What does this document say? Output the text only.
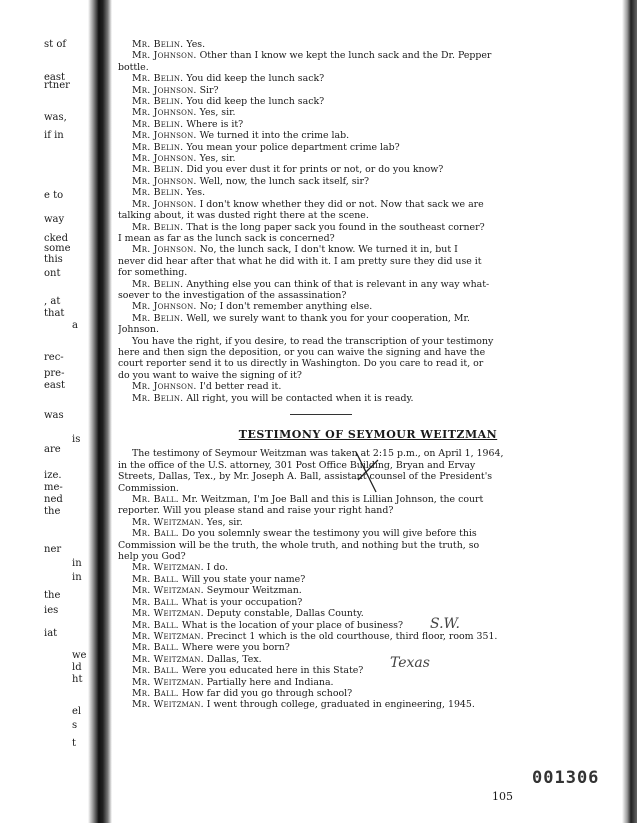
st of
east
rtner
was,
if in
e to
way
cked
some
this
ont
, at
that
a
rec-
pre-
east
was
is
are
ize.
me-
ned
the
ner
in
in
the
ies
iat
we
ld
ht
el
s
t
Mr. Belin. Yes.
Mr. Johnson. Other than I know we kept the lunch sack and the Dr. Pepper
bottle.
Mr. Belin. You did keep the lunch sack?
Mr. Johnson. Sir?
Mr. Belin. You did keep the lunch sack?
Mr. Johnson. Yes, sir.
Mr. Belin. Where is it?
Mr. Johnson. We turned it into the crime lab.
Mr. Belin. You mean your police department crime lab?
Mr. Johnson. Yes, sir.
Mr. Belin. Did you ever dust it for prints or not, or do you know?
Mr. Johnson. Well, now, the lunch sack itself, sir?
Mr. Belin. Yes.
Mr. Johnson. I don't know whether they did or not. Now that sack we are
talking about, it was dusted right there at the scene.
Mr. Belin. That is the long paper sack you found in the southeast corner?
I mean as far as the lunch sack is concerned?
Mr. Johnson. No, the lunch sack, I don't know. We turned it in, but I
never did hear after that what he did with it. I am pretty sure they did use it
for something.
Mr. Belin. Anything else you can think of that is relevant in any way what-
soever to the investigation of the assassination?
Mr. Johnson. No; I don't remember anything else.
Mr. Belin. Well, we surely want to thank you for your cooperation, Mr.
Johnson.
You have the right, if you desire, to read the transcription of your testimony
here and then sign the deposition, or you can waive the signing and have the
court reporter send it to us directly in Washington. Do you care to read it, or
do you want to waive the signing of it?
Mr. Johnson. I'd better read it.
Mr. Belin. All right, you will be contacted when it is ready.
TESTIMONY OF SEYMOUR WEITZMAN
The testimony of Seymour Weitzman was taken at 2:15 p.m., on April 1, 1964,
in the office of the U.S. attorney, 301 Post Office Building, Bryan and Ervay
Streets, Dallas, Tex., by Mr. Joseph A. Ball, assistant counsel of the President's
Commission.
Mr. Ball. Mr. Weitzman, I'm Joe Ball and this is Lillian Johnson, the court
reporter. Will you please stand and raise your right hand?
Mr. Weitzman. Yes, sir.
Mr. Ball. Do you solemnly swear the testimony you will give before this
Commission will be the truth, the whole truth, and nothing but the truth, so
help you God?
Mr. Weitzman. I do.
Mr. Ball. Will you state your name?
Mr. Weitzman. Seymour Weitzman.
Mr. Ball. What is your occupation?
Mr. Weitzman. Deputy constable, Dallas County.
Mr. Ball. What is the location of your place of business?
Mr. Weitzman. Precinct 1 which is the old courthouse, third floor, room 351.
Mr. Ball. Where were you born?
Mr. Weitzman. Dallas, Tex.
Mr. Ball. Were you educated here in this State?
Mr. Weitzman. Partially here and Indiana.
Mr. Ball. How far did you go through school?
Mr. Weitzman. I went through college, graduated in engineering, 1945.
Texas
S.W.
001306
105
